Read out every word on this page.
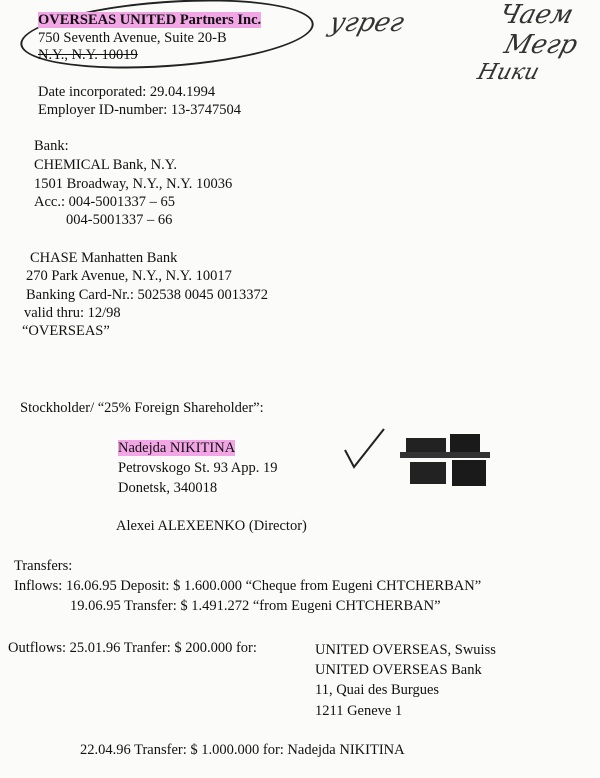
OVERSEAS UNITED Partners Inc.
750 Seventh Avenue, Suite 20-B
N.Y., N.Y. 10019
Date incorporated: 29.04.1994
Employer ID-number: 13-3747504
угрег	Чаем
Мегр
Ники
Bank:
CHEMICAL Bank, N.Y.
1501 Broadway, N.Y., N.Y. 10036
Acc.: 004-5001337 – 65
004-5001337 – 66
CHASE Manhatten Bank
270 Park Avenue, N.Y., N.Y. 10017
Banking Card-Nr.: 502538 0045 0013372
valid thru: 12/98
“OVERSEAS”
Stockholder/ “25% Foreign Shareholder”:
Nadejda NIKITINA
Petrovskogo St. 93 App. 19
Donetsk, 340018
Alexei ALEXEENKO (Director)
Transfers:
Inflows: 16.06.95 Deposit: $ 1.600.000 “Cheque from Eugeni CHTCHERBAN”
19.06.95 Transfer: $ 1.491.272 “from Eugeni CHTCHERBAN”
Outflows: 25.01.96 Tranfer: $ 200.000 for:	UNITED OVERSEAS, Swuiss
UNITED OVERSEAS Bank
11, Quai des Burgues
1211 Geneve 1
22.04.96 Transfer: $ 1.000.000 for: Nadejda NIKITINA
